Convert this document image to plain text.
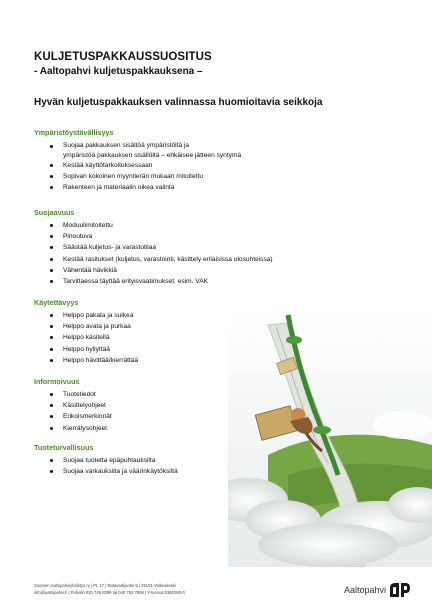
KULJETUSPAKKAUSSUOSITUS
- Aaltopahvi kuljetuspakkauksena –
Hyvän kuljetuspakkauksen valinnassa huomioitavia seikkoja
Ympäristöystävällisyys
Suojaa pakkauksen sisältöä ympäristöltä ja
ympäristöä pakkauksen sisällöltä – ehkäisee jätteen syntymä
Kestää käyttötarkoituksessaan
Sopivan kokoinen myyntierän mukaan mitoitettu
Rakenteen ja materiaalin oikea valinta
Suojaavuus
Moduulimitoitettu
Pinoutuva
Säästää kuljetus- ja varastotilaa
Kestää rasitukset (kuljetus, varastointi, käsittely erilaisissa olosuhteissa)
Vähentää hävikkiä
Tarvittaessa täyttää erityisvaatimukset, esim. VAK
Käytettävyys
Helppo pakata ja sulkea
Helppo avata ja purkaa
Helppo käsitellä
Helppo hyllyttää
Helppo hävittää/kierrättää
Informoivuus
Tuotetiedot
Käsittelyohjeet
Erikoismerkinnät
Kierrätysohjeet
Tuoteturvallisuus
Suojaa tuotetta epäpuhtauksilta
Suojaa varkauksilta ja väärinkäytöksiltä
Suomen Aaltopahviyhdistys ry | PL 17 | Ratavartijantie 5 | 25101 Valkeakoski
info@aaltopahvi.fi | Puhelin 020 749 8399 tai 040 752 7888 | Y-tunnus 0360380-0	Aaltopahvi
